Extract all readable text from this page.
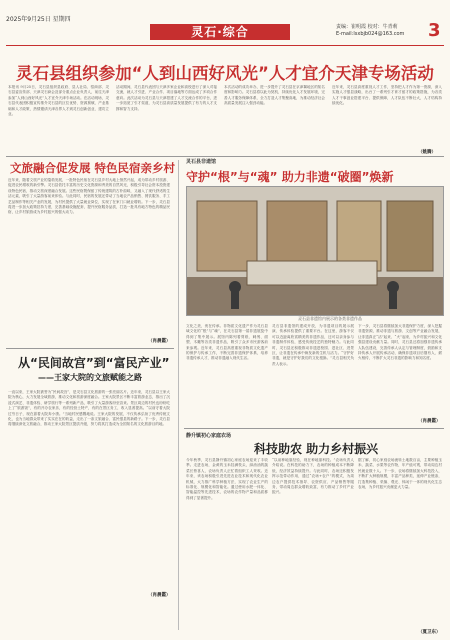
2025年9月25日 星期四
灵石·综合	责编：崔明霞 校对：牛青莉
E-mail:lsxbjb024@163.com 3
灵石县组织参加“人到山西好风光”人才宜介天津专场活动
本报讯 9月25日，灵石县组织县政府、县人社局、招商部、灵石县委宣传部、天津灵石商会及部分重点企业负责人，前往天津参加“人到山西好风光”人才宜介天津专场活动。在活动现场，灵石县代表团积极宣传推介灵石县的区位优势、资源禀赋、产业基础和人才政策，热情邀请天津各界人才到灵石创新创业、建功立业。
活动期间，灵石县代表团与天津多家企业和高校进行了深入对接交流，就人才引进、产业合作、项目落地等方面达成了多项合作意向。此次活动为灵石县与天津搭建了人才交流合作的平台，进一步拓宽了引才渠道，为灵石县高质量发展提供了有力的人才支撑和智力支持。
本次活动的成功举办，进一步提升了灵石县在京津冀地区的知名度和影响力。灵石县将以此为契机，持续优化人才发展环境，完善人才服务保障体系，全力打造人才集聚高地，为推动经济社会高质量发展注入强劲动能。
近年来，灵石县高度重视人才工作，坚持把人才作为第一资源，深入实施人才强县战略，出台了一系列引才育才留才的政策措施，为各类人才干事创业搭建平台、提供保障，人才队伍不断壮大，人才结构持续优化。
（姚腾）
文旅融合促发展 特色民宿亲乡村
近年来，随着文旅产业的蓬勃发展，一批特色民宿在灵石县乡村大地上悄然兴起，成为带动乡村旅游、促进农民增收的新引擎。灵石县依托丰富的历史文化资源和秀美的自然风光，积极引导社会资本投资建设特色民宿，推动文旅深度融合发展。这些民宿既保留了传统建筑的古朴韵味，又融入了现代舒适的生活元素，吸引了大量游客前来体验。与此同时，民宿的发展还带动了当地农产品销售、餐饮服务、手工艺品制作等相关产业的发展，为村民提供了大量就业岗位，实现了在家门口就业增收。下一步，灵石县将进一步加大政策扶持力度，完善基础设施配套，提升民宿服务品质，打造一批具有地方特色的精品民宿，让乡村旅游成为乡村振兴的强大动力。
（肖晨霞）
从“民间故宫”到“富民产业”
——王家大院的文旅赋能之路
一直以来，王家大院被誉为“民间故宫”，是灵石县文化旅游的一张亮丽名片。近年来，灵石县以王家大院为核心，大力发展全域旅游，推动文化和旅游深度融合。王家大院景区不断丰富旅游业态，推出了沉浸式演艺、非遗体验、研学旅行等一系列新产品，吸引了大量游客纷至沓来。景区周边的村民也纷纷吃上了“旅游饭”，有的开办农家乐，有的经营土特产，有的在景区务工，收入显著提高。“以前守着大院过穷日子，现在靠着大院奔小康。”当地村民感慨地说。王家大院的发展，不仅传承弘扬了优秀传统文化，也为当地群众带来了实实在在的收益，走出了一条文旅融合、富民强县的新路子。下一步，灵石县将继续深化文旅融合，推动王家大院景区提质升级，努力将其打造成为全国知名的文化旅游目的地。
（肖晨霞）
灵石县非遗馆
守护“根”与“魂” 助力非遗“破圈”焕新
灵石县非遗馆内展示的各类非遗作品
文化之美，贵在传承。非物质文化遗产作为灵石县域文化的“根”与“魂”，在灵石县第一届非遗展览中得到了集中展示。展馆内陈列着剪纸、刺绣、面塑、木雕等各类非遗作品，吸引了众多市民游客前来参观。近年来，灵石县高度重视非物质文化遗产的保护与传承工作，不断完善非遗保护体系，培养非遗传承人才，推动非遗融入现代生活。
灵石县非遗馆的建成开放，为非遗项目的展示展演、传承体验提供了重要平台。在这里，游客不仅可以近距离欣赏精美的非遗作品，还可以亲身参与非遗制作体验，感受传统技艺的独特魅力。与此同时，灵石县还积极推动非遗进校园、进社区、进景区，让非遗在传承中焕发新的生机与活力。“守护好非遗，就是守护好我们的文化根脉。”灵石县相关负责人表示。
下一步，灵石县将继续加大非遗保护力度，深入挖掘非遗资源，推动非遗与旅游、文创等产业融合发展，让非遗真正“活”起来、“火”起来，为乡村振兴和文化强县建设贡献力量。同时，灵石县还将加强非遗传承人队伍建设，完善传承人认定与管理制度，鼓励和支持传承人开展传承活动，确保非遗项目后继有人、薪火相传，不断扩大灵石非遗的影响力和知名度。
（肖晨霞）
静升镇初心家庭农场
科技助农 助力乡村振兴
今年秋季，灵石县静升镇初心家庭农场迎来了丰收季。走进农场，金黄的玉米挂满枝头，绿油油的蔬菜长势喜人，农场负责人正忙着组织工人采收。近年来，该农场积极引进先进农业技术和现代化农业机械，大力推广科学种植方法，实现了农业生产的标准化、规模化和智能化。通过使用水肥一体化、智能温控等先进技术，农场的农作物产量和品质都得到了显著提升。
“以前种地靠经验，现在种地靠科技。”农场负责人介绍说。在科技的助力下，农场的种植成本不断降低，经济效益持续提升。与此同时，农场还积极发挥示范带动作用，通过“农场+农户”的模式，为周边农户提供技术指导、农资供应、产品销售等服务，带动周边群众增收致富，有力推动了乡村产业振兴。
据了解，初心家庭农场流转土地数百亩，主要种植玉米、蔬菜、水果等农作物，年产值可观，带动周边村民就业数十人。下一步，农场将继续加大科技投入，不断扩大种植规模，丰富产品种类，延伸产业链条，打造集种植、采摘、观光、休闲于一体的现代化生态农场，为乡村振兴贡献更大力量。
（夏卫东）
